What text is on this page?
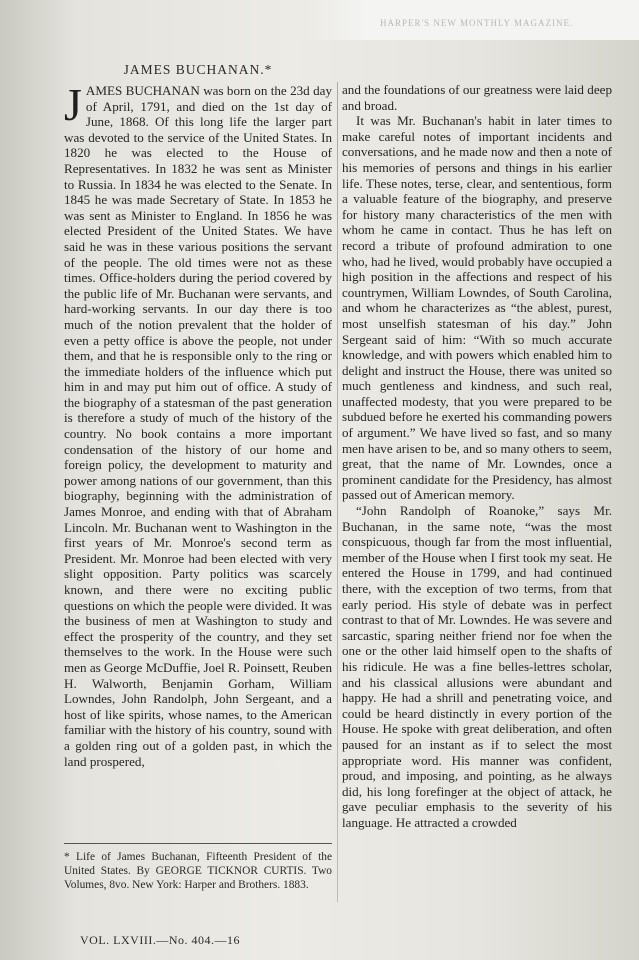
HARPER'S NEW MONTHLY MAGAZINE.
JAMES BUCHANAN.*

JAMES BUCHANAN was born on the 23d day of April, 1791, and died on the 1st day of June, 1868. Of this long life the larger part was devoted to the service of the United States. In 1820 he was elected to the House of Representatives. In 1832 he was sent as Minister to Russia. In 1834 he was elected to the Senate. In 1845 he was made Secretary of State. In 1853 he was sent as Minister to England. In 1856 he was elected President of the United States. We have said he was in these various positions the servant of the people. The old times were not as these times. Office-holders during the period covered by the public life of Mr. Buchanan were servants, and hard-working servants. In our day there is too much of the notion prevalent that the holder of even a petty office is above the people, not under them, and that he is responsible only to the ring or the immediate holders of the influence which put him in and may put him out of office. A study of the biography of a statesman of the past generation is therefore a study of much of the history of the country. No book contains a more important condensation of the history of our home and foreign policy, the development to maturity and power among nations of our government, than this biography, beginning with the administration of James Monroe, and ending with that of Abraham Lincoln. Mr. Buchanan went to Washington in the first years of Mr. Monroe's second term as President. Mr. Monroe had been elected with very slight opposition. Party politics was scarcely known, and there were no exciting public questions on which the people were divided. It was the business of men at Washington to study and effect the prosperity of the country, and they set themselves to the work. In the House were such men as George McDuffie, Joel R. Poinsett, Reuben H. Walworth, Benjamin Gorham, William Lowndes, John Randolph, John Sergeant, and a host of like spirits, whose names, to the American familiar with the history of his country, sound with a golden ring out of a golden past, in which the land prospered,

and the foundations of our greatness were laid deep and broad.

It was Mr. Buchanan's habit in later times to make careful notes of important incidents and conversations, and he made now and then a note of his memories of persons and things in his earlier life. These notes, terse, clear, and sententious, form a valuable feature of the biography, and preserve for history many characteristics of the men with whom he came in contact. Thus he has left on record a tribute of profound admiration to one who, had he lived, would probably have occupied a high position in the affections and respect of his countrymen, William Lowndes, of South Carolina, and whom he characterizes as “the ablest, purest, most unselfish statesman of his day.” John Sergeant said of him: “With so much accurate knowledge, and with powers which enabled him to delight and instruct the House, there was united so much gentleness and kindness, and such real, unaffected modesty, that you were prepared to be subdued before he exerted his commanding powers of argument.” We have lived so fast, and so many men have arisen to be, and so many others to seem, great, that the name of Mr. Lowndes, once a prominent candidate for the Presidency, has almost passed out of American memory.

“John Randolph of Roanoke,” says Mr. Buchanan, in the same note, “was the most conspicuous, though far from the most influential, member of the House when I first took my seat. He entered the House in 1799, and had continued there, with the exception of two terms, from that early period. His style of debate was in perfect contrast to that of Mr. Lowndes. He was severe and sarcastic, sparing neither friend nor foe when the one or the other laid himself open to the shafts of his ridicule. He was a fine belles-lettres scholar, and his classical allusions were abundant and happy. He had a shrill and penetrating voice, and could be heard distinctly in every portion of the House. He spoke with great deliberation, and often paused for an instant as if to select the most appropriate word. His manner was confident, proud, and imposing, and pointing, as he always did, his long forefinger at the object of attack, he gave peculiar emphasis to the severity of his language. He attracted a crowded

* Life of James Buchanan, Fifteenth President of the United States. By GEORGE TICKNOR CURTIS. Two Volumes, 8vo. New York: Harper and Brothers. 1883.
VOL. LXVIII.—No. 404.—16
